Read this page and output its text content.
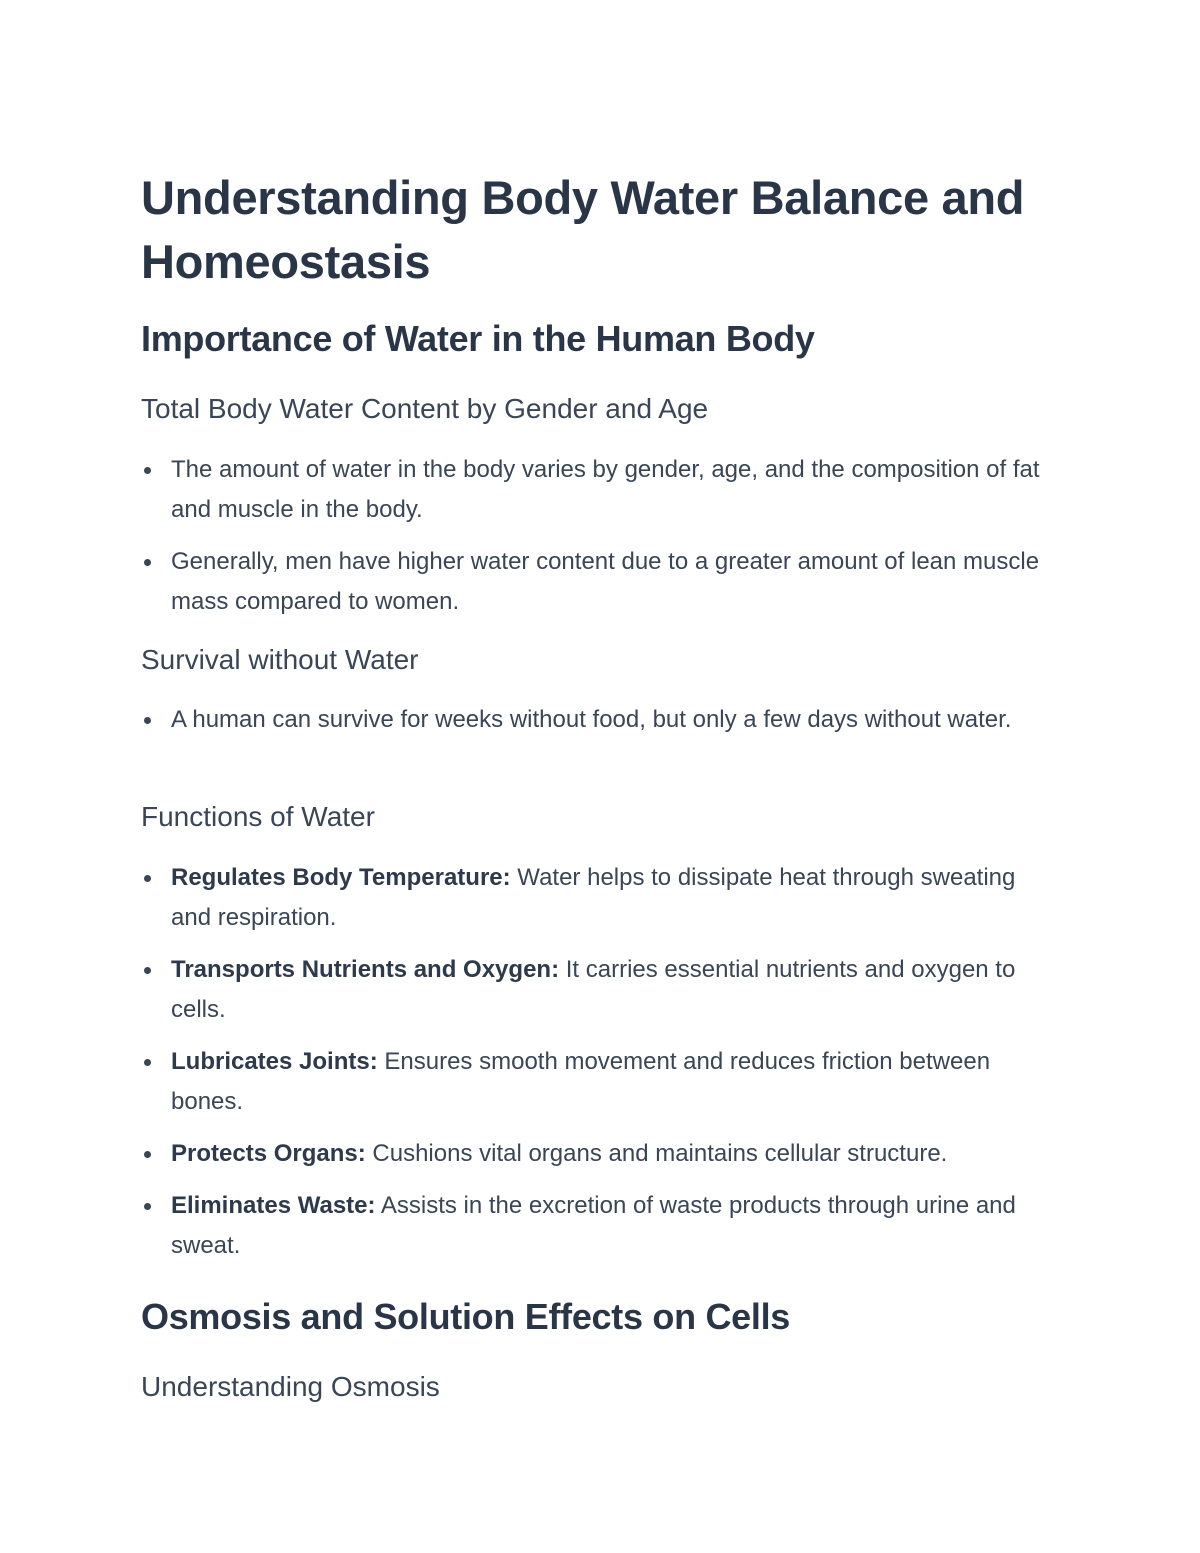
Understanding Body Water Balance and Homeostasis
Importance of Water in the Human Body
Total Body Water Content by Gender and Age
The amount of water in the body varies by gender, age, and the composition of fat and muscle in the body.
Generally, men have higher water content due to a greater amount of lean muscle mass compared to women.
Survival without Water
A human can survive for weeks without food, but only a few days without water.
Functions of Water
Regulates Body Temperature: Water helps to dissipate heat through sweating and respiration.
Transports Nutrients and Oxygen: It carries essential nutrients and oxygen to cells.
Lubricates Joints: Ensures smooth movement and reduces friction between bones.
Protects Organs: Cushions vital organs and maintains cellular structure.
Eliminates Waste: Assists in the excretion of waste products through urine and sweat.
Osmosis and Solution Effects on Cells
Understanding Osmosis
